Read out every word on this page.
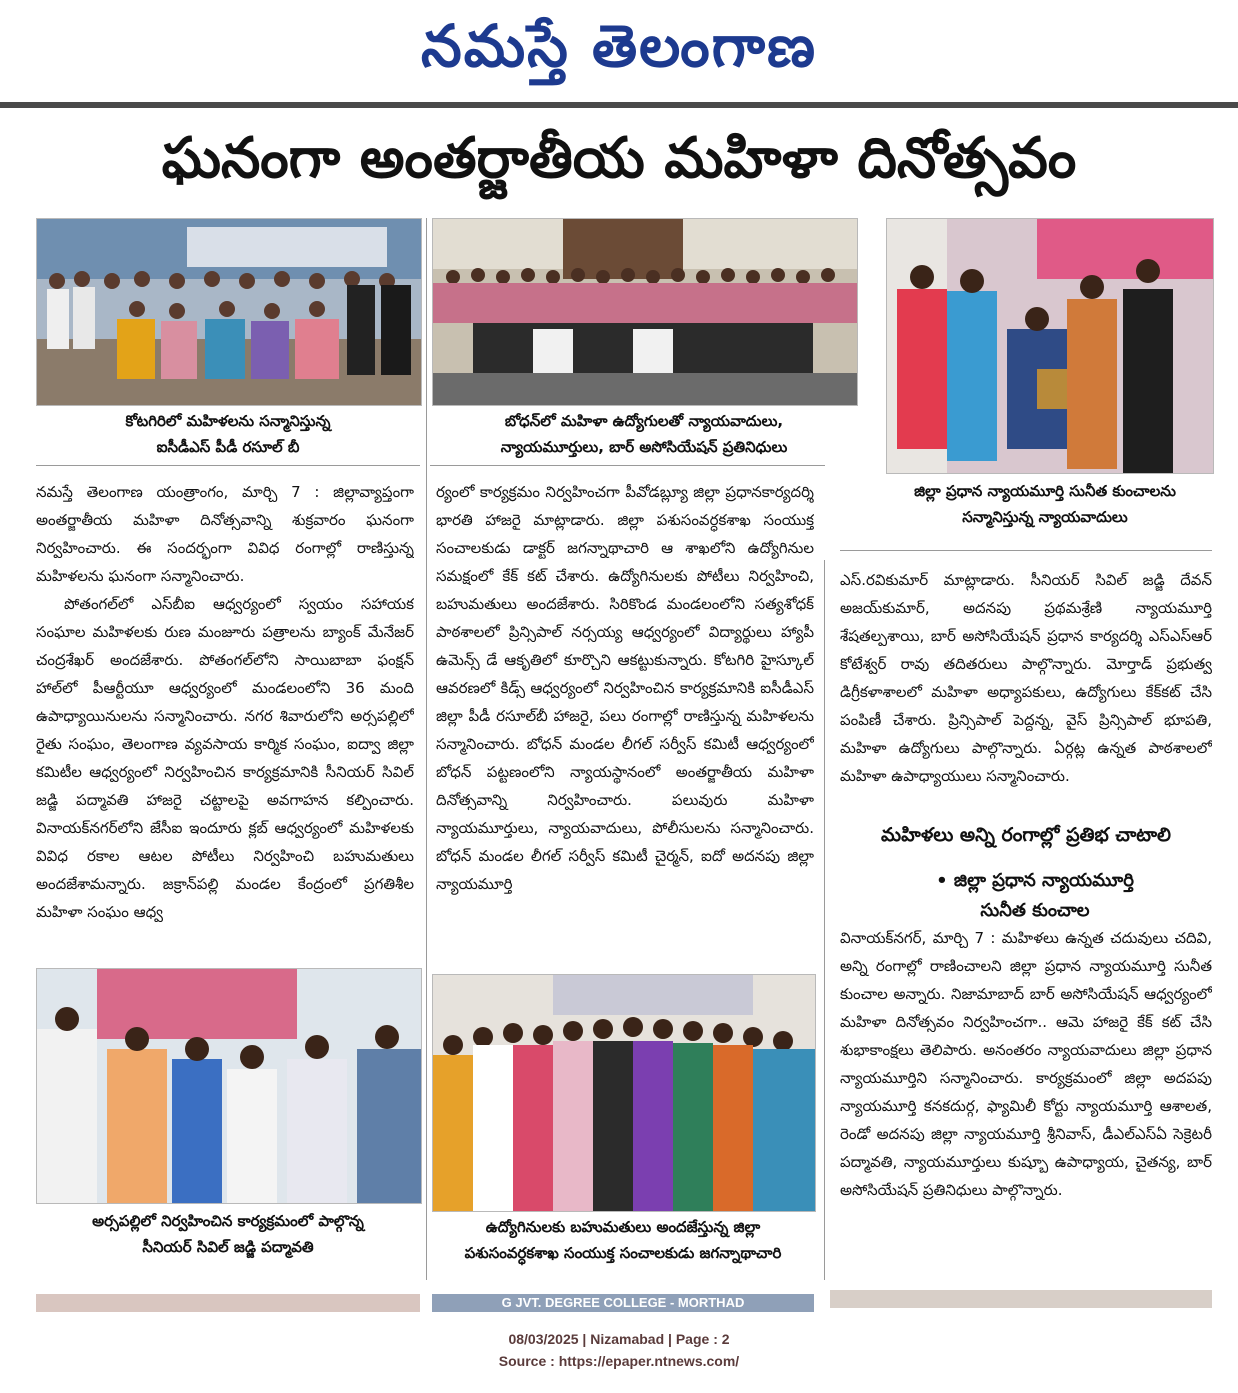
నమస్తే తెలంగాణ
ఘనంగా అంతర్జాతీయ మహిళా దినోత్సవం
కోటగిరిలో మహిళలను సన్మానిస్తున్న
ఐసీడీఎస్ పీడీ రసూల్ బీ
బోధన్‌లో మహిళా ఉద్యోగులతో న్యాయవాదులు,
న్యాయమూర్తులు, బార్ అసోసియేషన్ ప్రతినిధులు
జిల్లా ప్రధాన న్యాయమూర్తి సునీత కుంచాలను
సన్మానిస్తున్న న్యాయవాదులు

నమస్తే తెలంగాణ యంత్రాంగం, మార్చి 7 : జిల్లావ్యాప్తంగా అంతర్జాతీయ మహిళా దినోత్సవాన్ని శుక్రవారం ఘనంగా నిర్వహించారు. ఈ సందర్భంగా వివిధ రంగాల్లో రాణిస్తున్న మహిళలను ఘనంగా సన్మానించారు.

పోతంగల్‌లో ఎస్‌బీఐ ఆధ్వర్యంలో స్వయం సహాయక సంఘాల మహిళలకు రుణ మంజూరు పత్రాలను బ్యాంక్ మేనేజర్ చంద్రశేఖర్ అందజేశారు. పోతంగల్‌లోని సాయిబాబా ఫంక్షన్ హాల్‌లో పీఆర్టీయూ ఆధ్వర్యంలో మండలంలోని 36 మంది ఉపాధ్యాయినులను సన్మానించారు. నగర శివారులోని అర్సపల్లిలో రైతు సంఘం, తెలంగాణ వ్యవసాయ కార్మిక సంఘం, ఐద్వా జిల్లా కమిటీల ఆధ్వర్యంలో నిర్వహించిన కార్యక్రమానికి సీనియర్ సివిల్ జడ్జి పద్మావతి హాజరై చట్టాలపై అవగాహన కల్పించారు. వినాయక్‌నగర్‌లోని జేసీఐ ఇందూరు క్లబ్ ఆధ్వర్యంలో మహిళలకు వివిధ రకాల ఆటల పోటీలు నిర్వహించి బహుమతులు అందజేశామన్నారు. జక్రాన్‌పల్లి మండల కేంద్రంలో ప్రగతిశీల మహిళా సంఘం ఆధ్వ

ర్యంలో కార్యక్రమం నిర్వహించగా పీవోడబ్ల్యూ జిల్లా ప్రధానకార్యదర్శి భారతి హాజరై మాట్లాడారు. జిల్లా పశుసంవర్ధకశాఖ సంయుక్త సంచాలకుడు డాక్టర్ జగన్నాథాచారి ఆ శాఖలోని ఉద్యోగినుల సమక్షంలో కేక్ కట్ చేశారు. ఉద్యోగినులకు పోటీలు నిర్వహించి, బహుమతులు అందజేశారు. సిరికొండ మండలంలోని సత్యశోధక్ పాఠశాలలో ప్రిన్సిపాల్ నర్సయ్య ఆధ్వర్యంలో విద్యార్థులు హ్యాపీ ఉమెన్స్ డే ఆకృతిలో కూర్చొని ఆకట్టుకున్నారు. కోటగిరి హైస్కూల్ ఆవరణలో కిడ్స్ ఆధ్వర్యంలో నిర్వహించిన కార్యక్రమానికి ఐసీడీఎస్ జిల్లా పీడీ రసూల్‌బీ హాజరై, పలు రంగాల్లో రాణిస్తున్న మహిళలను సన్మానించారు. బోధన్ మండల లీగల్ సర్వీస్ కమిటీ ఆధ్వర్యంలో బోధన్ పట్టణంలోని న్యాయస్థానంలో అంతర్జాతీయ మహిళా దినోత్సవాన్ని నిర్వహించారు. పలువురు మహిళా న్యాయమూర్తులు, న్యాయవాదులు, పోలీసులను సన్మానించారు. బోధన్ మండల లీగల్ సర్వీస్ కమిటీ చైర్మన్, ఐదో అదనపు జిల్లా న్యాయమూర్తి

ఎస్.రవికుమార్ మాట్లాడారు. సీనియర్ సివిల్ జడ్జి దేవన్ అజయ్‌కుమార్, అదనపు ప్రథమశ్రేణి న్యాయమూర్తి శేషతల్పశాయి, బార్ అసోసియేషన్ ప్రధాన కార్యదర్శి ఎస్ఎస్ఆర్ కోటేశ్వర్ రావు తదితరులు పాల్గొన్నారు. మోర్తాడ్ ప్రభుత్వ డిగ్రీకళాశాలలో మహిళా అధ్యాపకులు, ఉద్యోగులు కేక్‌కట్ చేసి పంపిణీ చేశారు. ప్రిన్సిపాల్ పెద్దన్న, వైస్ ప్రిన్సిపాల్ భూపతి, మహిళా ఉద్యోగులు పాల్గొన్నారు. ఏర్గట్ల ఉన్నత పాఠశాలలో మహిళా ఉపాధ్యాయులు సన్మానించారు.

మహిళలు అన్ని రంగాల్లో ప్రతిభ చాటాలి
• జిల్లా ప్రధాన న్యాయమూర్తి
సునీత కుంచాల

వినాయక్‌నగర్, మార్చి 7 : మహిళలు ఉన్నత చదువులు చదివి, అన్ని రంగాల్లో రాణించాలని జిల్లా ప్రధాన న్యాయమూర్తి సునీత కుంచాల అన్నారు. నిజామాబాద్ బార్ అసోసియేషన్ ఆధ్వర్యంలో మహిళా దినోత్సవం నిర్వహించగా.. ఆమె హాజరై కేక్ కట్ చేసి శుభాకాంక్షలు తెలిపారు. అనంతరం న్యాయవాదులు జిల్లా ప్రధాన న్యాయమూర్తిని సన్మానించారు. కార్యక్రమంలో జిల్లా అదపపు న్యాయమూర్తి కనకదుర్గ, ఫ్యామిలీ కోర్టు న్యాయమూర్తి ఆశాలత, రెండో అదనపు జిల్లా న్యాయమూర్తి శ్రీనివాస్, డీఎల్ఎస్ఏ సెక్రెటరీ పద్మావతి, న్యాయమూర్తులు కుష్బూ ఉపాధ్యాయ, చైతన్య, బార్ అసోసియేషన్ ప్రతినిధులు పాల్గొన్నారు.

అర్సపల్లిలో నిర్వహించిన కార్యక్రమంలో పాల్గొన్న
సీనియర్ సివిల్ జడ్జి పద్మావతి
ఉద్యోగినులకు బహుమతులు అందజేస్తున్న జిల్లా
పశుసంవర్ధకశాఖ సంయుక్త సంచాలకుడు జగన్నాథాచారి
G JVT. DEGREE COLLEGE - MORTHAD
08/03/2025 | Nizamabad | Page : 2
Source : https://epaper.ntnews.com/
